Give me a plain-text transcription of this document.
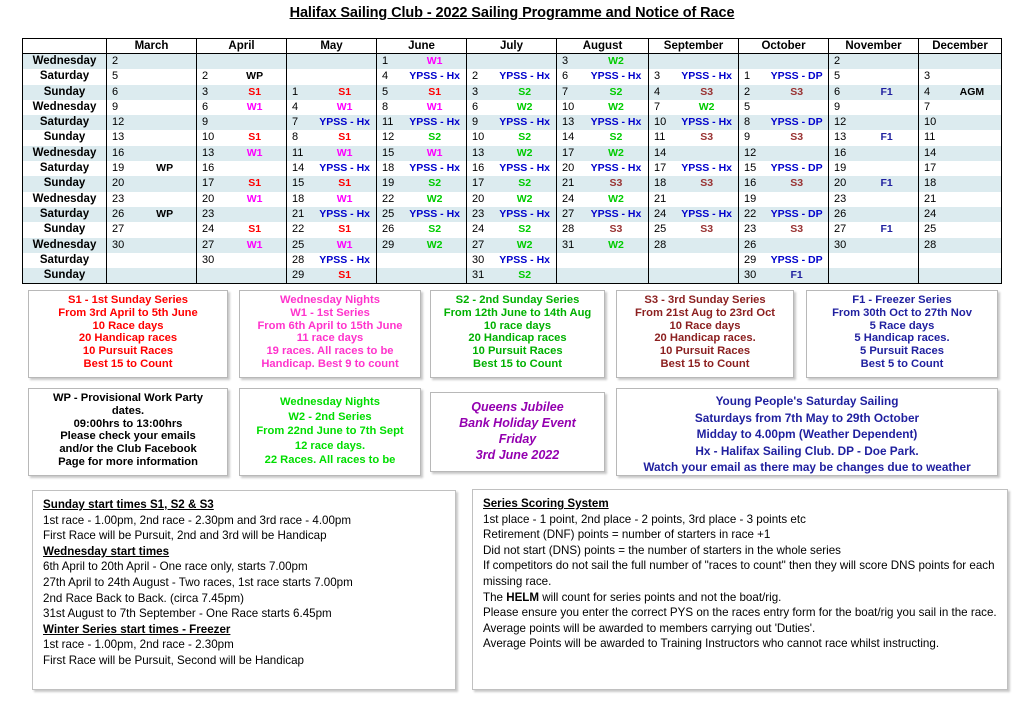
Halifax Sailing Club - 2022 Sailing Programme and Notice of Race
	March	April	May	June	July	August	September	October	November	December
Wednesday	2			1 W1		3 W2			2	

Saturday	5	2 WP		4 YPSS - Hx	2 YPSS - Hx	6 YPSS - Hx	3 YPSS - Hx	1 YPSS - DP	5	3

Sunday	6	3 S1	1 S1	5 S1	3 S2	7 S2	4 S3	2 S3	6 F1	4 AGM

Wednesday	9	6 W1	4 W1	8 W1	6 W2	10 W2	7 W2	5	9	7

Saturday	12	9	7 YPSS - Hx	11 YPSS - Hx	9 YPSS - Hx	13 YPSS - Hx	10 YPSS - Hx	8 YPSS - DP	12	10

Sunday	13	10 S1	8 S1	12 S2	10 S2	14 S2	11 S3	9 S3	13 F1	11

Wednesday	16	13 W1	11 W1	15 W1	13 W2	17 W2	14	12	16	14

Saturday	19 WP	16	14 YPSS - Hx	18 YPSS - Hx	16 YPSS - Hx	20 YPSS - Hx	17 YPSS - Hx	15 YPSS - DP	19	17

Sunday	20	17 S1	15 S1	19 S2	17 S2	21 S3	18 S3	16 S3	20 F1	18

Wednesday	23	20 W1	18 W1	22 W2	20 W2	24 W2	21	19	23	21

Saturday	26 WP	23	21 YPSS - Hx	25 YPSS - Hx	23 YPSS - Hx	27 YPSS - Hx	24 YPSS - Hx	22 YPSS - DP	26	24

Sunday	27	24 S1	22 S1	26 S2	24 S2	28 S3	25 S3	23 S3	27 F1	25

Wednesday	30	27 W1	25 W1	29 W2	27 W2	31 W2	28	26	30	28

Saturday		30	28 YPSS - Hx		30 YPSS - Hx			29 YPSS - DP		

Sunday			29 S1		31 S2			30 F1		

S1 - 1st Sunday Series
From 3rd April to 5th June
10 Race days
20 Handicap races
10 Pursuit Races
Best 15 to Count
Wednesday Nights
W1 - 1st Series
From 6th April to 15th June
11 race days
19 races. All races to be
Handicap. Best 9 to count
S2 - 2nd Sunday Series
From 12th June to 14th Aug
10 race days
20 Handicap races
10 Pursuit Races
Best 15 to Count
S3 - 3rd Sunday Series
From 21st Aug to 23rd Oct
10 Race days
20 Handicap races.
10 Pursuit Races
Best 15 to Count
F1 - Freezer Series
From 30th Oct to 27th Nov
5 Race days
5 Handicap races.
5 Pursuit Races
Best 5 to Count
WP - Provisional Work Party
dates.
09:00hrs to 13:00hrs
Please check your emails
and/or the Club Facebook
Page for more information
Wednesday Nights
W2 - 2nd Series
From 22nd June to 7th Sept
12 race days.
22 Races. All races to be
Queens Jubilee
Bank Holiday Event
Friday
3rd June 2022
Young People's Saturday Sailing
Saturdays from 7th May to 29th October
Midday to 4.00pm (Weather Dependent)
Hx - Halifax Sailing Club. DP - Doe Park.
Watch your email as there may be changes due to weather
Sunday start times S1, S2 & S3
1st race - 1.00pm, 2nd race - 2.30pm and 3rd race - 4.00pm
First Race will be Pursuit, 2nd and 3rd will be Handicap
Wednesday start times
6th April to 20th April - One race only, starts 7.00pm
27th April to 24th August - Two races, 1st race starts 7.00pm
2nd Race Back to Back. (circa 7.45pm)
31st August to 7th September - One Race starts 6.45pm
Winter Series start times - Freezer
1st race - 1.00pm, 2nd race - 2.30pm
First Race will be Pursuit, Second will be Handicap
Series Scoring System
1st place - 1 point, 2nd place - 2 points, 3rd place - 3 points etc
Retirement (DNF) points = number of starters in race +1
Did not start (DNS) points = the number of starters in the whole series
If competitors do not sail the full number of "races to count" then they will score DNS points for each missing race.
The HELM will count for series points and not the boat/rig.
Please ensure you enter the correct PYS on the races entry form for the boat/rig you sail in the race.
Average points will be awarded to members carrying out 'Duties'.
Average Points will be awarded to Training Instructors who cannot race whilst instructing.
